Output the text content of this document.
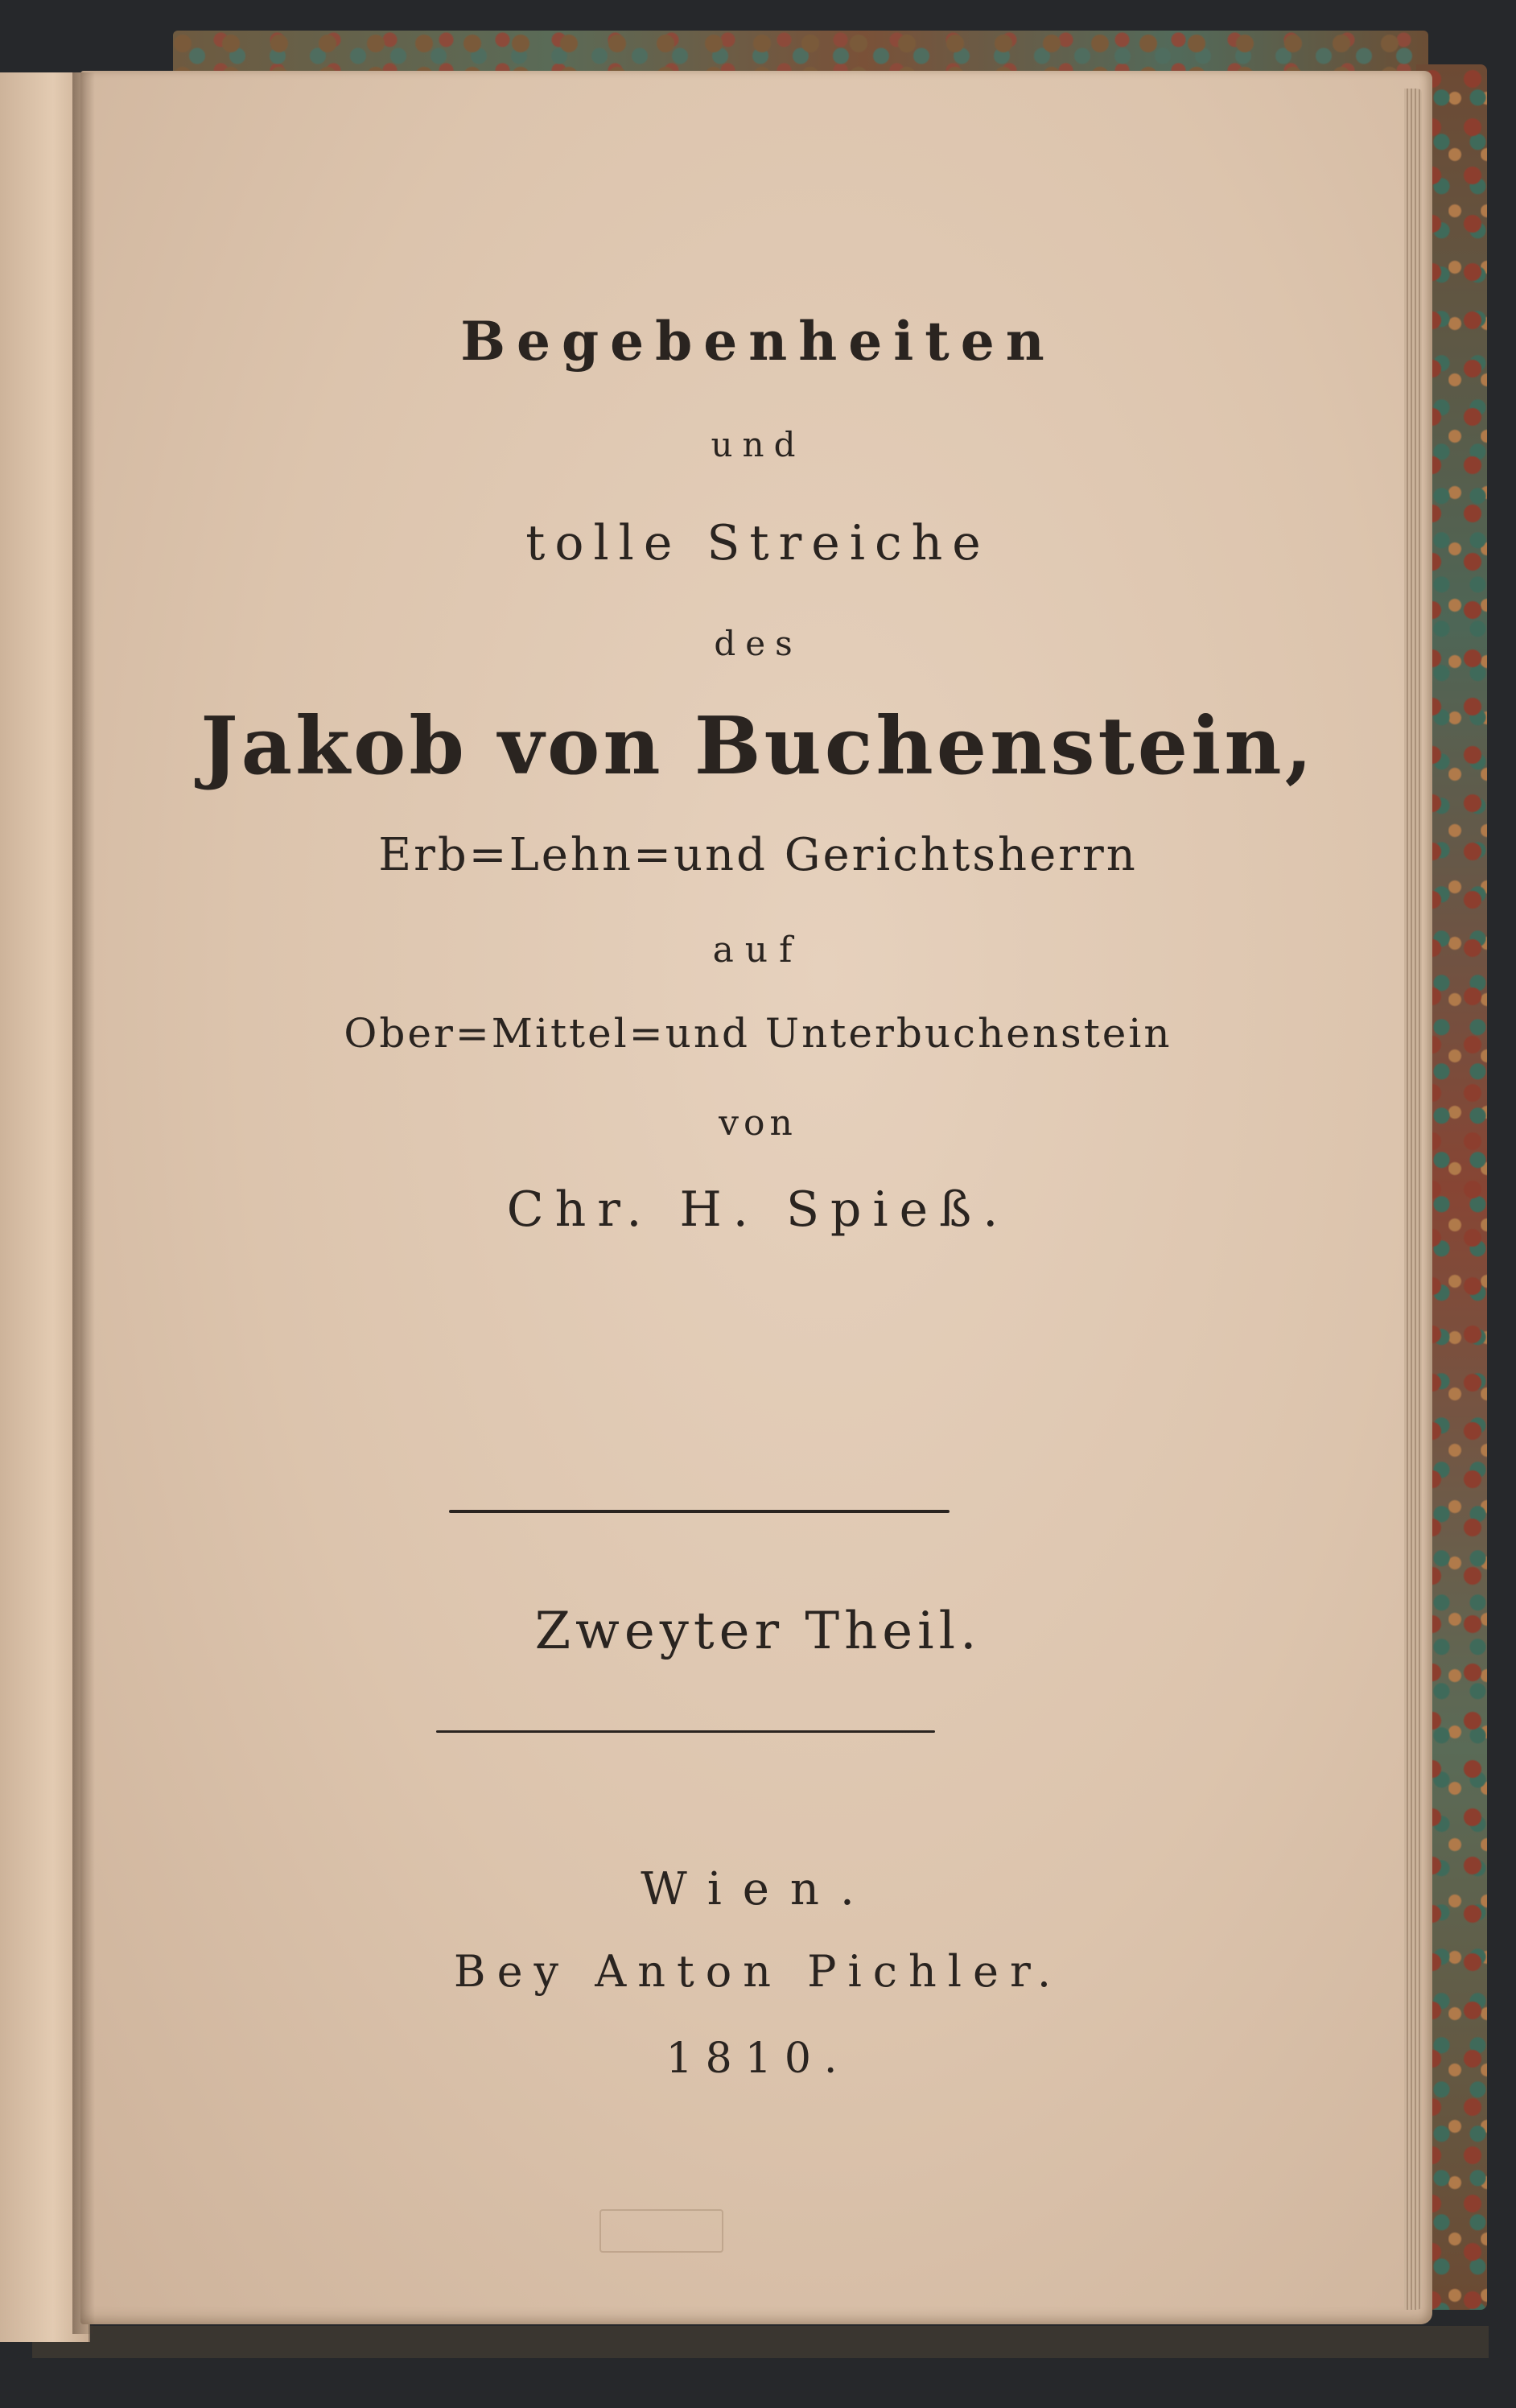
Begebenheiten
und
tolle Streiche
des
Jakob von Buchenstein,
Erb=Lehn=und Gerichtsherrn
auf
Ober=Mittel=und Unterbuchenstein
von
Chr. H. Spieß.
Zweyter Theil.
Wien.
Bey Anton Pichler.
1810.
